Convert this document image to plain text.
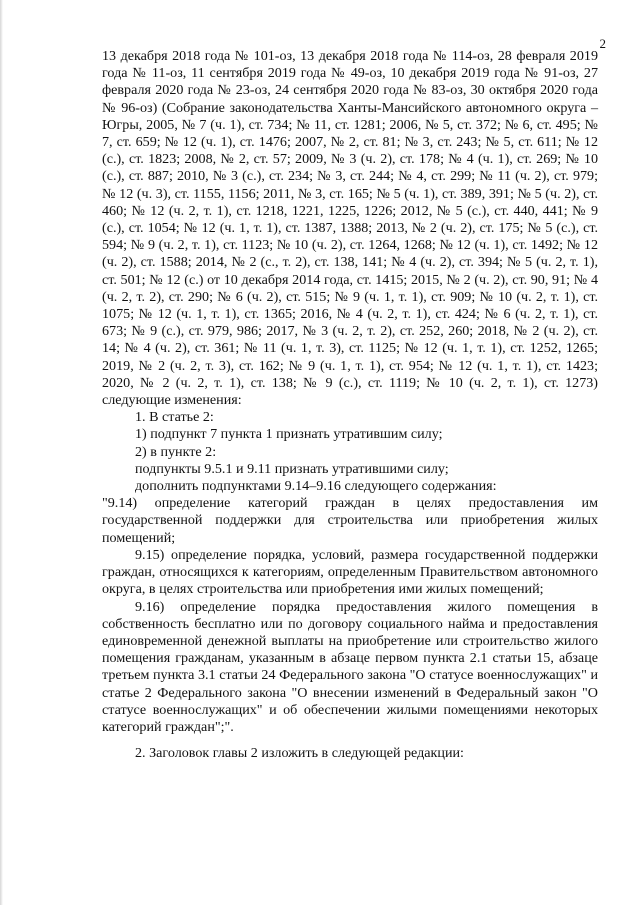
2

13 декабря 2018 года № 101-оз, 13 декабря 2018 года № 114-оз, 28 февраля 2019 года № 11-оз, 11 сентября 2019 года № 49-оз, 10 декабря 2019 года № 91-оз, 27 февраля 2020 года № 23-оз, 24 сентября 2020 года № 83-оз, 30 октября 2020 года № 96-оз) (Собрание законодательства Ханты-Мансийского автономного округа – Югры, 2005, № 7 (ч. 1), ст. 734; № 11, ст. 1281; 2006, № 5, ст. 372; № 6, ст. 495; № 7, ст. 659; № 12 (ч. 1), ст. 1476; 2007, № 2, ст. 81; № 3, ст. 243; № 5, ст. 611; № 12 (с.), ст. 1823; 2008, № 2, ст. 57; 2009, № 3 (ч. 2), ст. 178; № 4 (ч. 1), ст. 269; № 10 (с.), ст. 887; 2010, № 3 (с.), ст. 234; № 3, ст. 244; № 4, ст. 299; № 11 (ч. 2), ст. 979; № 12 (ч. 3), ст. 1155, 1156; 2011, № 3, ст. 165; № 5 (ч. 1), ст. 389, 391; № 5 (ч. 2), ст. 460; № 12 (ч. 2, т. 1), ст. 1218, 1221, 1225, 1226; 2012, № 5 (с.), ст. 440, 441; № 9 (с.), ст. 1054; № 12 (ч. 1, т. 1), ст. 1387, 1388; 2013, № 2 (ч. 2), ст. 175; № 5 (с.), ст. 594; № 9 (ч. 2, т. 1), ст. 1123; № 10 (ч. 2), ст. 1264, 1268; № 12 (ч. 1), ст. 1492; № 12 (ч. 2), ст. 1588; 2014, № 2 (с., т. 2), ст. 138, 141; № 4 (ч. 2), ст. 394; № 5 (ч. 2, т. 1), ст. 501; № 12 (с.) от 10 декабря 2014 года, ст. 1415; 2015, № 2 (ч. 2), ст. 90, 91; № 4 (ч. 2, т. 2), ст. 290; № 6 (ч. 2), ст. 515; № 9 (ч. 1, т. 1), ст. 909; № 10 (ч. 2, т. 1), ст. 1075; № 12 (ч. 1, т. 1), ст. 1365; 2016, № 4 (ч. 2, т. 1), ст. 424; № 6 (ч. 2, т. 1), ст. 673; № 9 (с.), ст. 979, 986; 2017, № 3 (ч. 2, т. 2), ст. 252, 260; 2018, № 2 (ч. 2), ст. 14; № 4 (ч. 2), ст. 361; № 11 (ч. 1, т. 3), ст. 1125; № 12 (ч. 1, т. 1), ст. 1252, 1265; 2019, № 2 (ч. 2, т. 3), ст. 162; № 9 (ч. 1, т. 1), ст. 954; № 12 (ч. 1, т. 1), ст. 1423; 2020, № 2 (ч. 2, т. 1), ст. 138; № 9 (с.), ст. 1119; № 10 (ч. 2, т. 1), ст. 1273) следующие изменения:

1. В статье 2:

1) подпункт 7 пункта 1 признать утратившим силу;

2) в пункте 2:

подпункты 9.5.1 и 9.11 признать утратившими силу;

дополнить подпунктами 9.14–9.16 следующего содержания:

"9.14) определение категорий граждан в целях предоставления им государственной поддержки для строительства или приобретения жилых помещений;

9.15) определение порядка, условий, размера государственной поддержки граждан, относящихся к категориям, определенным Правительством автономного округа, в целях строительства или приобретения ими жилых помещений;

9.16) определение порядка предоставления жилого помещения в собственность бесплатно или по договору социального найма и предоставления единовременной денежной выплаты на приобретение или строительство жилого помещения гражданам, указанным в абзаце первом пункта 2.1 статьи 15, абзаце третьем пункта 3.1 статьи 24 Федерального закона "О статусе военнослужащих" и статье 2 Федерального закона "О внесении изменений в Федеральный закон "О статусе военнослужащих" и об обеспечении жилыми помещениями некоторых категорий граждан";".

2. Заголовок главы 2 изложить в следующей редакции:
